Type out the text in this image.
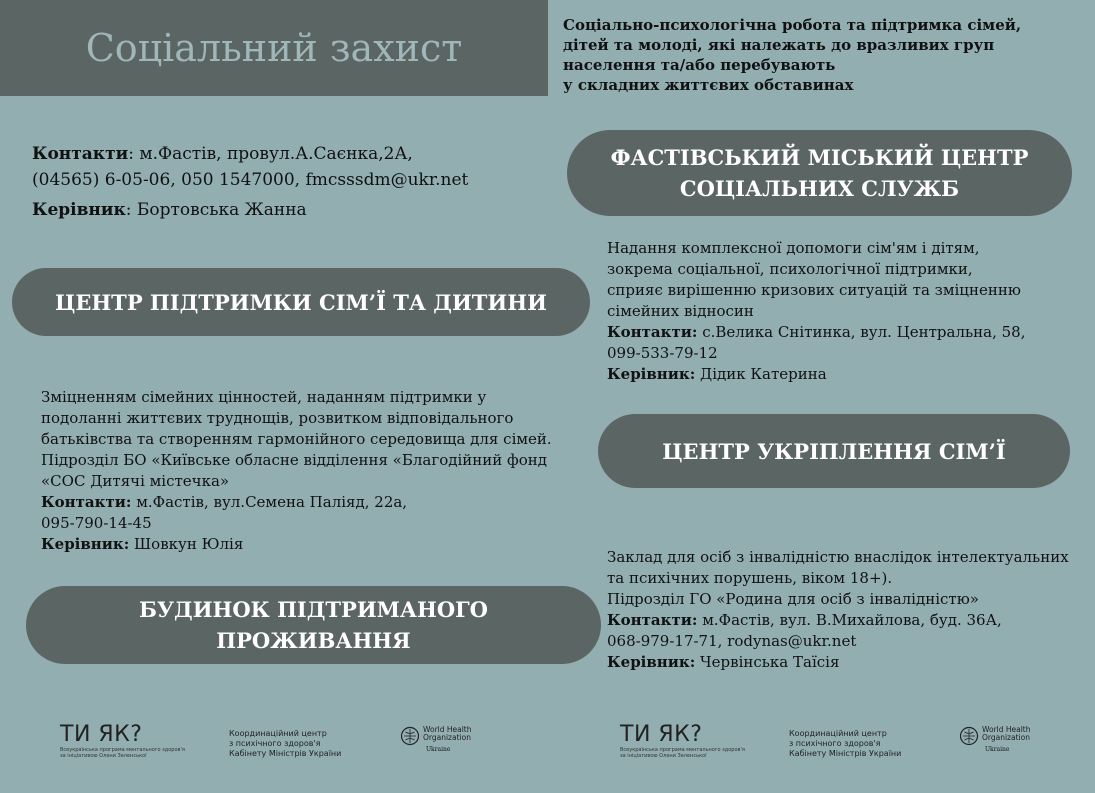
Соціальний захист
Соціально-психологічна робота та підтримка сімей,
дітей та молоді, які належать до вразливих груп
населення та/або перебувають
у складних життєвих обставинах
Контакти: м.Фастів, провул.А.Саєнка,2А,
(04565) 6-05-06, 050 1547000, fmcsssdm@ukr.net
Керівник: Бортовська Жанна
ФАСТІВСЬКИЙ МІСЬКИЙ ЦЕНТР
СОЦІАЛЬНИХ СЛУЖБ
Надання комплексної допомоги сім'ям і дітям,
зокрема соціальної, психологічної підтримки,
сприяє вирішенню кризових ситуацій та зміцненню
сімейних відносин
Контакти: с.Велика Снітинка, вул. Центральна, 58,
099-533-79-12
Керівник: Дідик Катерина
ЦЕНТР ПІДТРИМКИ СІМ’Ї ТА ДИТИНИ
Зміцненням сімейних цінностей, наданням підтримки у
подоланні життєвих труднощів, розвитком відповідального
батьківства та створенням гармонійного середовища для сімей.
Підрозділ БО «Київське обласне відділення «Благодійний фонд
«СОС Дитячі містечка»
Контакти: м.Фастів, вул.Семена Паліяд, 22а,
095-790-14-45
Керівник: Шовкун Юлія
ЦЕНТР УКРІПЛЕННЯ СІМ’Ї
БУДИНОК ПІДТРИМАНОГО
ПРОЖИВАННЯ
Заклад для осіб з інвалідністю внаслідок інтелектуальних
та психічних порушень, віком 18+).
Підрозділ ГО «Родина для осіб з інвалідністю»
Контакти: м.Фастів, вул. В.Михайлова, буд. 36А,
068-979-17-71, rodynas@ukr.net
Керівник: Червінська Таїсія
ТИ ЯК?
Всеукраїнська програма ментального здоров'я
за ініціативою Олени Зеленської
Координаційний центр
з психічного здоров'я
Кабінету Міністрів України
World Health
Organization
Ukraine
ТИ ЯК?
Всеукраїнська програма ментального здоров'я
за ініціативою Олени Зеленської
Координаційний центр
з психічного здоров'я
Кабінету Міністрів України
World Health
Organization
Ukraine
